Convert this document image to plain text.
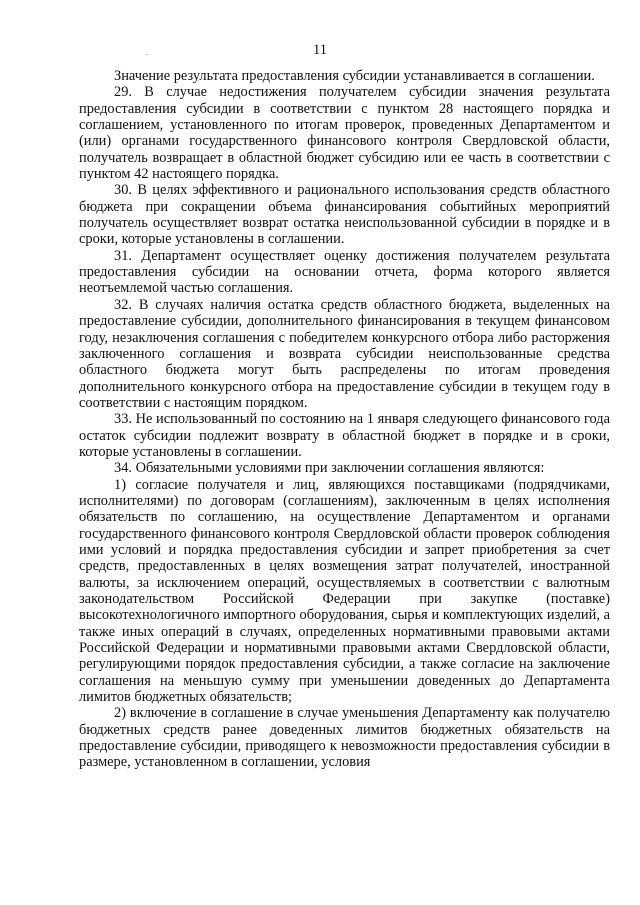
.	11

Значение результата предоставления субсидии устанавливается в соглашении.

29. В случае недостижения получателем субсидии значения результата предоставления субсидии в соответствии с пунктом 28 настоящего порядка и соглашением, установленного по итогам проверок, проведенных Департаментом и (или) органами государственного финансового контроля Свердловской области, получатель возвращает в областной бюджет субсидию или ее часть в соответствии с пунктом 42 настоящего порядка.

30. В целях эффективного и рационального использования средств областного бюджета при сокращении объема финансирования событийных мероприятий получатель осуществляет возврат остатка неиспользованной субсидии в порядке и в сроки, которые установлены в соглашении.

31. Департамент осуществляет оценку достижения получателем результата предоставления субсидии на основании отчета, форма которого является неотъемлемой частью соглашения.

32. В случаях наличия остатка средств областного бюджета, выделенных на предоставление субсидии, дополнительного финансирования в текущем финансовом году, незаключения соглашения с победителем конкурсного отбора либо расторжения заключенного соглашения и возврата субсидии неиспользованные средства областного бюджета могут быть распределены по итогам проведения дополнительного конкурсного отбора на предоставление субсидии в текущем году в соответствии с настоящим порядком.

33. Не использованный по состоянию на 1 января следующего финансового года остаток субсидии подлежит возврату в областной бюджет в порядке и в сроки, которые установлены в соглашении.

34. Обязательными условиями при заключении соглашения являются:

1) согласие получателя и лиц, являющихся поставщиками (подрядчиками, исполнителями) по договорам (соглашениям), заключенным в целях исполнения обязательств по соглашению, на осуществление Департаментом и органами государственного финансового контроля Свердловской области проверок соблюдения ими условий и порядка предоставления субсидии и запрет приобретения за счет средств, предоставленных в целях возмещения затрат получателей, иностранной валюты, за исключением операций, осуществляемых в соответствии с валютным законодательством Российской Федерации при закупке (поставке) высокотехнологичного импортного оборудования, сырья и комплектующих изделий, а также иных операций в случаях, определенных нормативными правовыми актами Российской Федерации и нормативными правовыми актами Свердловской области, регулирующими порядок предоставления субсидии, а также согласие на заключение соглашения на меньшую сумму при уменьшении доведенных до Департамента лимитов бюджетных обязательств;

2) включение в соглашение в случае уменьшения Департаменту как получателю бюджетных средств ранее доведенных лимитов бюджетных обязательств на предоставление субсидии, приводящего к невозможности предоставления субсидии в размере, установленном в соглашении, условия
